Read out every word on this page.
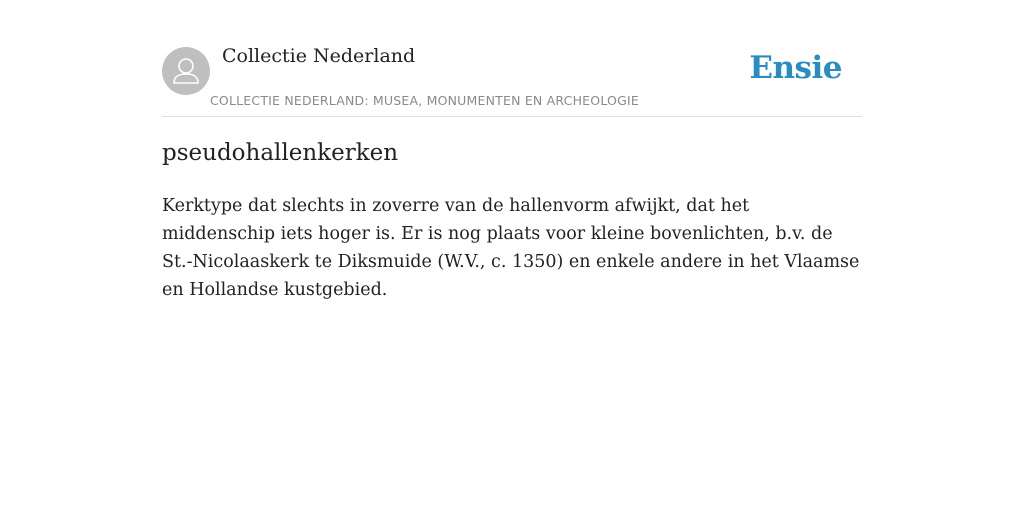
Collectie Nederland
COLLECTIE NEDERLAND: MUSEA, MONUMENTEN EN ARCHEOLOGIE
Ensie
pseudohallenkerken

Kerktype dat slechts in zoverre van de hallenvorm afwijkt, dat het middenschip iets hoger is. Er is nog plaats voor kleine bovenlichten, b.v. de St.-Nicolaaskerk te Diksmuide (W.V., c. 1350) en enkele andere in het Vlaamse en Hollandse kustgebied.
